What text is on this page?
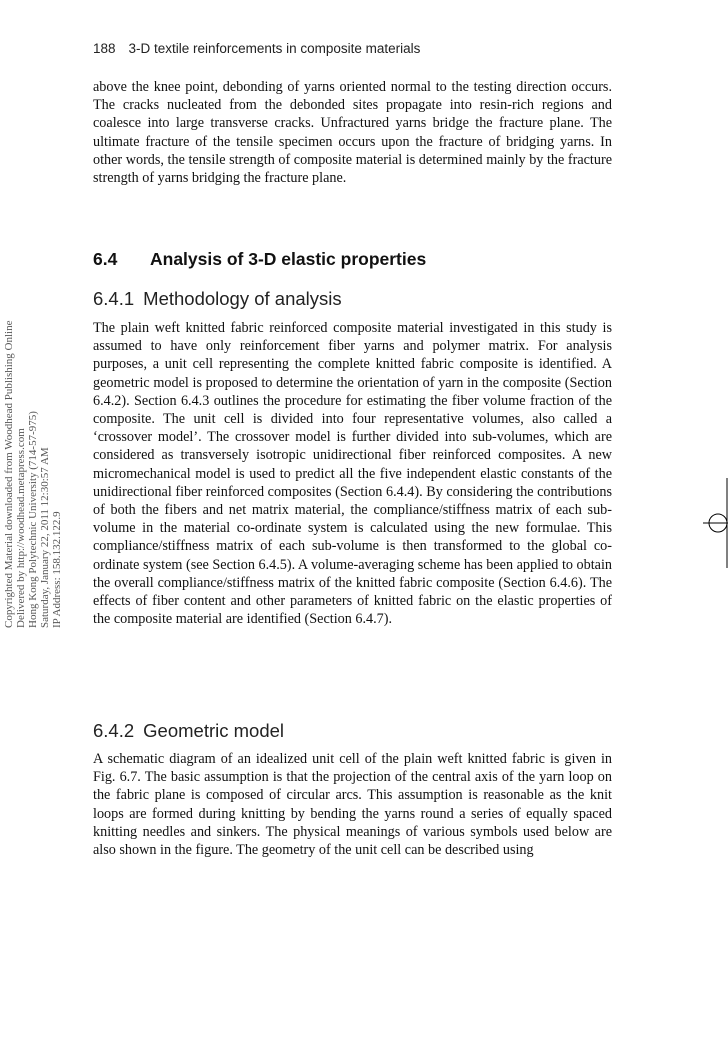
188 3-D textile reinforcements in composite materials
above the knee point, debonding of yarns oriented normal to the testing direction occurs. The cracks nucleated from the debonded sites propagate into resin-rich regions and coalesce into large transverse cracks. Unfractured yarns bridge the fracture plane. The ultimate fracture of the tensile specimen occurs upon the fracture of bridging yarns. In other words, the tensile strength of composite material is determined mainly by the fracture strength of yarns bridging the fracture plane.
6.4 Analysis of 3-D elastic properties
6.4.1 Methodology of analysis
The plain weft knitted fabric reinforced composite material investigated in this study is assumed to have only reinforcement fiber yarns and polymer matrix. For analysis purposes, a unit cell representing the complete knitted fabric composite is identified. A geometric model is proposed to determine the orientation of yarn in the composite (Section 6.4.2). Section 6.4.3 outlines the procedure for estimating the fiber volume fraction of the composite. The unit cell is divided into four representative volumes, also called a ‘crossover model’. The crossover model is further divided into sub-volumes, which are considered as transversely isotropic unidirectional fiber reinforced composites. A new micromechanical model is used to predict all the five independent elastic constants of the unidirectional fiber reinforced composites (Section 6.4.4). By considering the contributions of both the fibers and net matrix material, the compliance/stiffness matrix of each sub-volume in the material co-ordinate system is calculated using the new formulae. This compliance/stiffness matrix of each sub-volume is then transformed to the global co-ordinate system (see Section 6.4.5). A volume-averaging scheme has been applied to obtain the overall compliance/stiffness matrix of the knitted fabric composite (Section 6.4.6). The effects of fiber content and other parameters of knitted fabric on the elastic properties of the composite material are identified (Section 6.4.7).
6.4.2 Geometric model
A schematic diagram of an idealized unit cell of the plain weft knitted fabric is given in Fig. 6.7. The basic assumption is that the projection of the central axis of the yarn loop on the fabric plane is composed of circular arcs. This assumption is reasonable as the knit loops are formed during knitting by bending the yarns round a series of equally spaced knitting needles and sinkers. The physical meanings of various symbols used below are also shown in the figure. The geometry of the unit cell can be described using
Copyrighted Material downloaded from Woodhead Publishing Online Delivered by http://woodhead.metapress.com Hong Kong Polytechnic University (714-57-975) Saturday, January 22, 2011 12:30:57 AM IP Address: 158.132.122.9
